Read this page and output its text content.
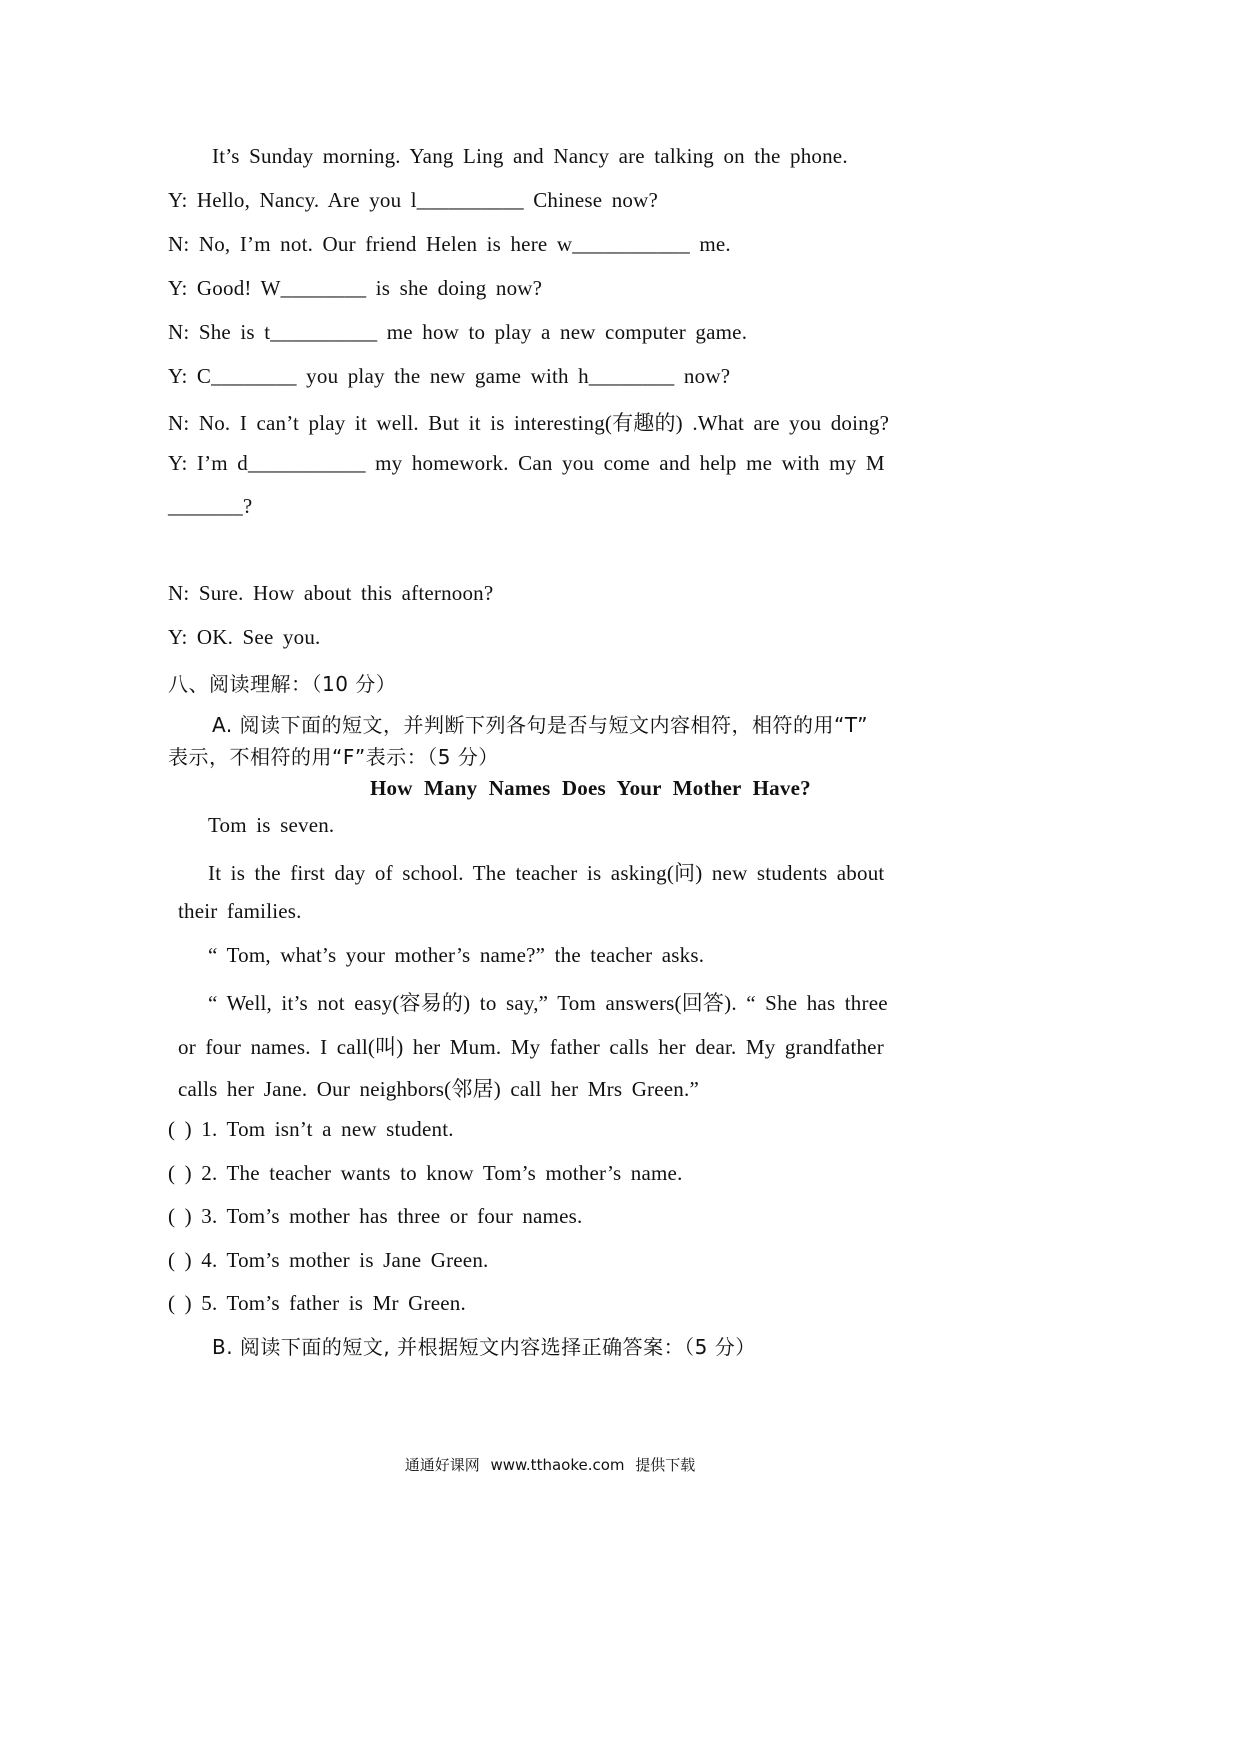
It’s Sunday morning. Yang Ling and Nancy are talking on the phone.
Y: Hello, Nancy. Are you l__________ Chinese now?
N: No, I’m not. Our friend Helen is here w___________ me.
Y: Good! W________ is she doing now?
N: She is t__________ me how to play a new computer game.
Y: C________ you play the new game with h________ now?
N: No. I can’t play it well. But it is interesting(有趣的) .What are you doing?
Y: I’m d___________ my homework. Can you come and help me with my M
_______?
N: Sure. How about this afternoon?
Y: OK. See you.
八、阅读理解：（10 分）
A. 阅读下面的短文，并判断下列各句是否与短文内容相符，相符的用“T”
表示，不相符的用“F”表示：（5 分）
How Many Names Does Your Mother Have?
Tom is seven.
It is the first day of school. The teacher is asking(问) new students about
their families.
“ Tom, what’s your mother’s name?” the teacher asks.
“ Well, it’s not easy(容易的) to say,” Tom answers(回答). “ She has three
or four names. I call(叫) her Mum. My father calls her dear. My grandfather
calls her Jane. Our neighbors(邻居) call her Mrs Green.”
( ) 1. Tom isn’t a new student.
( ) 2. The teacher wants to know Tom’s mother’s name.
( ) 3. Tom’s mother has three or four names.
( ) 4. Tom’s mother is Jane Green.
( ) 5. Tom’s father is Mr Green.
B. 阅读下面的短文, 并根据短文内容选择正确答案：（5 分）
通通好课网 www.tthaoke.com 提供下载
